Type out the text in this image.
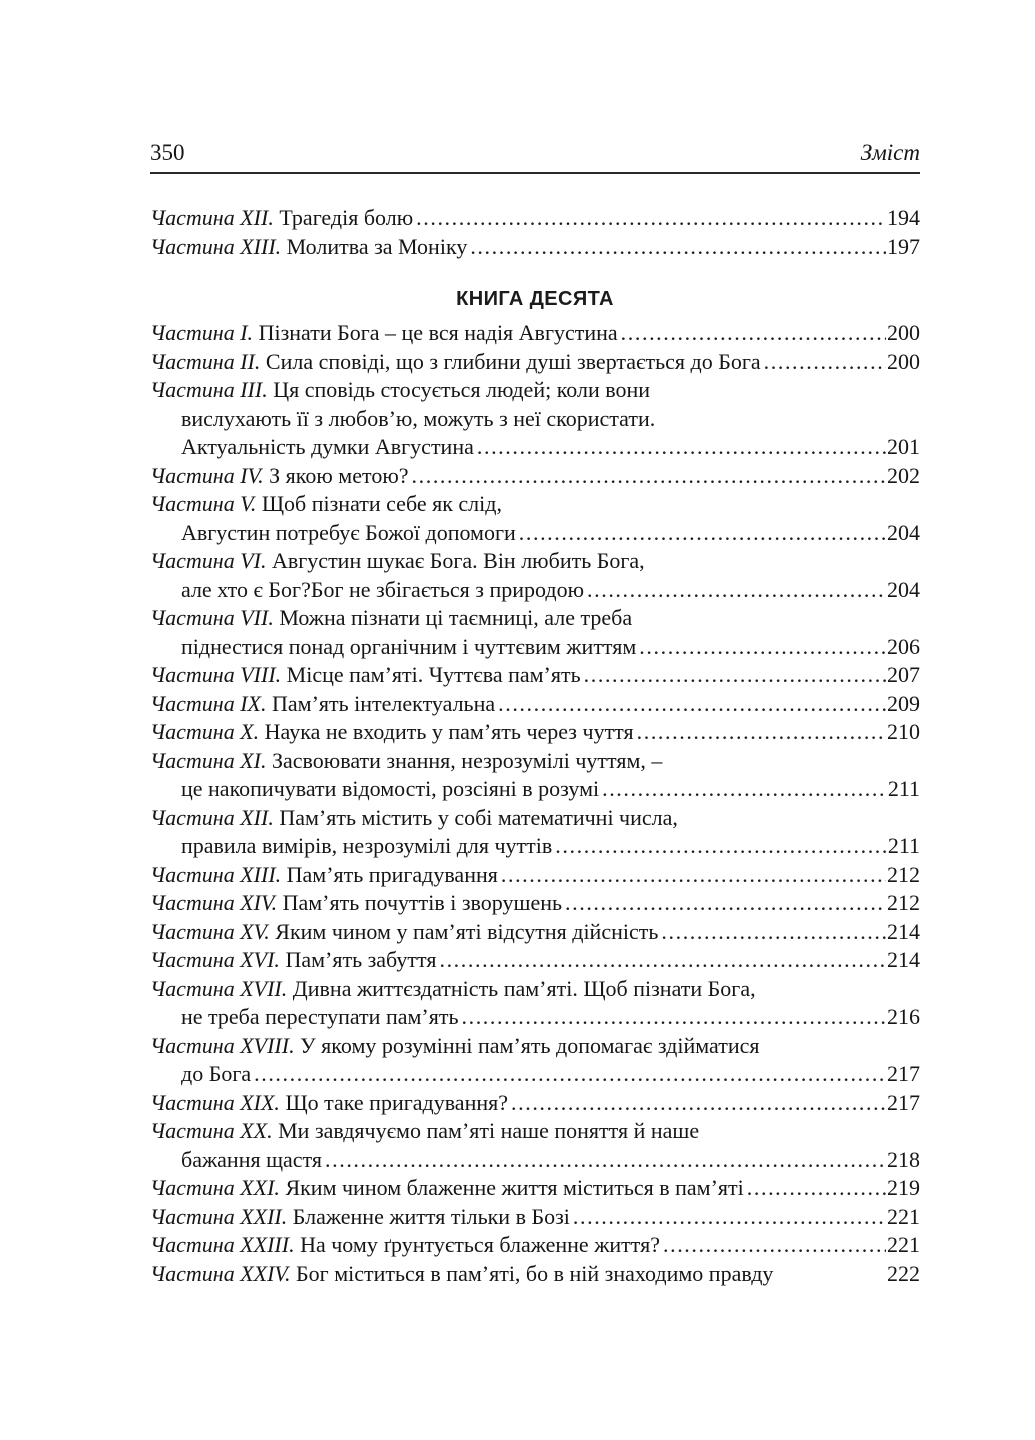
350	Зміст
Частина XII. Трагедія болю .....	194
Частина XIII. Молитва за Моніку .....	197
КНИГА ДЕСЯТА
Частина I. Пізнати Бога – це вся надія Августина .....	200
Частина II. Сила сповіді, що з глибини душі звертається до Бога .....	200
Частина III. Ця сповідь стосується людей; коли вони
вислухають її з любов’ю, можуть з неї скористати.
Актуальність думки Августина .....	201
Частина IV. З якою метою? .....	202
Частина V. Щоб пізнати себе як слід,
Августин потребує Божої допомоги .....	204
Частина VI. Августин шукає Бога. Він любить Бога,
але хто є Бог?Бог не збігається з природою .....	204
Частина VII. Можна пізнати ці таємниці, але треба
піднестися понад органічним і чуттєвим життям .....	206
Частина VIII. Місце пам’яті. Чуттєва пам’ять .....	207
Частина IX. Пам’ять інтелектуальна .....	209
Частина X. Наука не входить у пам’ять через чуття .....	210
Частина XI. Засвоювати знання, незрозумілі чуттям, –
це накопичувати відомості, розсіяні в розумі .....	211
Частина XII. Пам’ять містить у собі математичні числа,
правила вимірів, незрозумілі для чуттів .....	211
Частина XIII. Пам’ять пригадування .....	212
Частина XIV. Пам’ять почуттів і зворушень .....	212
Частина XV. Яким чином у пам’яті відсутня дійсність .....	214
Частина XVI. Пам’ять забуття .....	214
Частина XVII. Дивна життєздатність пам’яті. Щоб пізнати Бога,
не треба переступати пам’ять .....	216
Частина XVIII. У якому розумінні пам’ять допомагає здійматися
до Бога .....	217
Частина XIX. Що таке пригадування? .....	217
Частина XX. Ми завдячуємо пам’яті наше поняття й наше
бажання щастя .....	218
Частина XXI. Яким чином блаженне життя міститься в пам’яті .....	219
Частина XXII. Блаженне життя тільки в Бозі .....	221
Частина XXIII. На чому ґрунтується блаженне життя? .....	221
Частина XXIV. Бог міститься в пам’яті, бо в ній знаходимо правду	222
